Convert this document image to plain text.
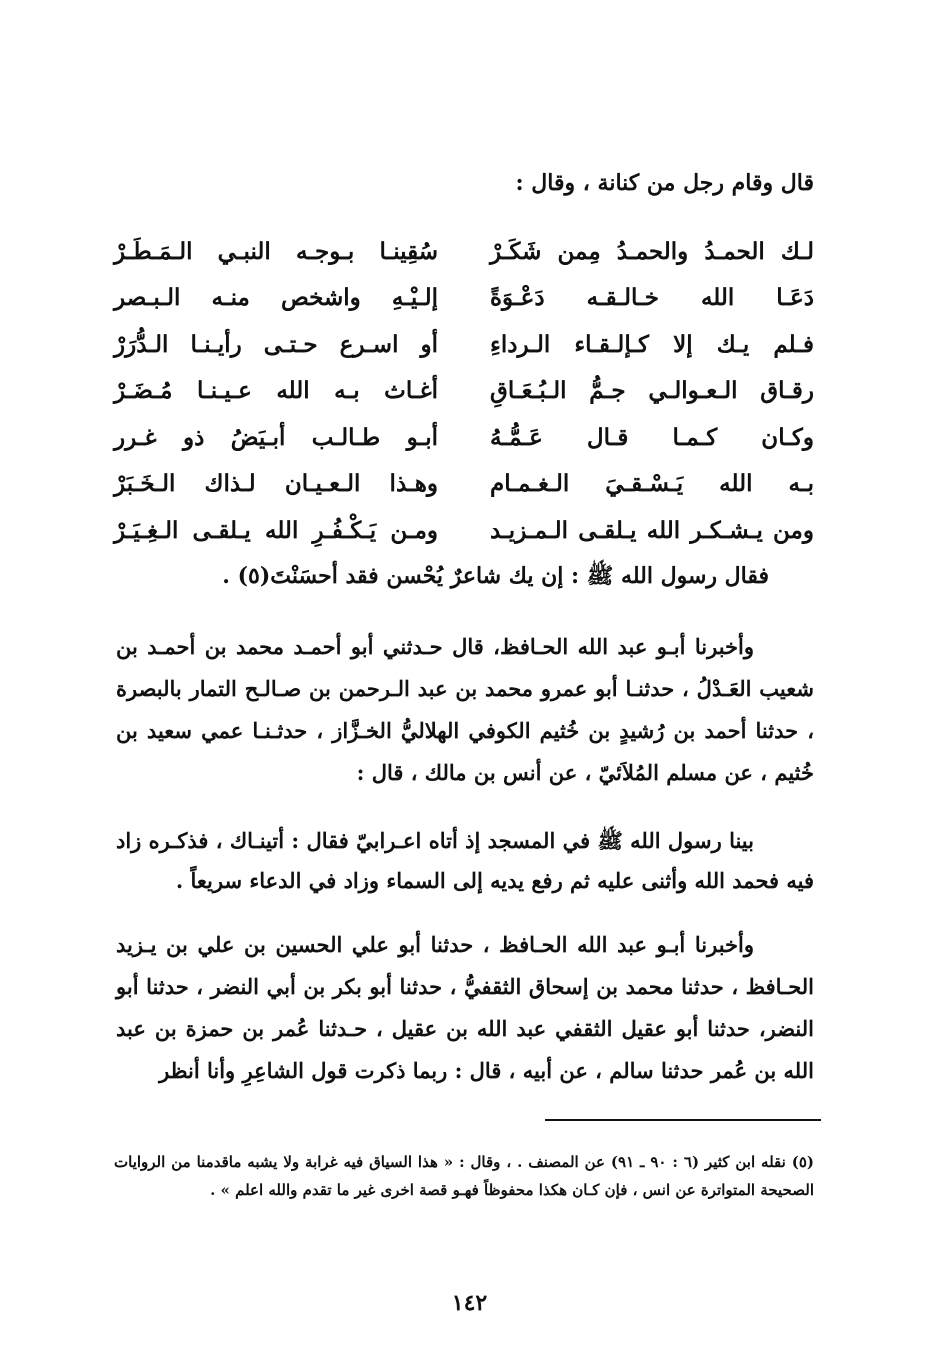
قال وقام رجل من كنانة ، وقال :
لـك الحمـدُ والحمـدُ مِمن شَكَـرْ
سُقِينـا بـوجـه النبـي الـمَـطَـرْ
دَعَـا الله خـالـقـه دَعْـوَةً
إلـيْـهِ واشخص منـه الـبـصر
فـلم يـك إلا كـإلـقـاء الـرداءِ
أو اسـرع حـتـى رأيـنـا الـدُّرَرْ
رقـاق الـعـوالـي جـمُّ الـبُـعَـاقِ
أغـاث بـه الله عـيـنـا مُـضَـرْ
وكـان كـمـا قـال عَـمُّـهُ
أبـو طـالـب أبـيَضُ ذو غـرر
بـه الله يَـسْـقـيَ الـغـمـام
وهـذا الـعـيـان لـذاك الـخَـبَرْ
ومن يـشـكـر الله يـلقـى الـمـزيـد
ومـن يَـكْـفُـرِ الله يـلقـى الـغِـيَـرْ
فقال رسول الله ﷺ : إن يك شاعرٌ يُحْسن فقد أحسَنْتَ(٥) .
وأخبرنا أبـو عبد الله الحـافظ، قال حـدثني أبو أحمـد محمد بن أحمـد بن شعيب العَـدْلُ ، حدثنـا أبو عمرو محمد بن عبد الـرحمن بن صـالـح التمار بالبصرة ، حدثنا أحمد بن رُشيدٍ بن خُثيم الكوفي الهلاليُّ الخـزَّاز ، حدثـنـا عمي سعيد بن خُثيم ، عن مسلم المُلاَئيّ ، عن أنس بن مالك ، قال :
بينا رسول الله ﷺ في المسجد إذ أتاه اعـرابيّ فقال : أتينـاك ، فذكـره زاد فيه فحمد الله وأثنى عليه ثم رفع يديه إلى السماء وزاد في الدعاء سريعاً .
وأخبرنا أبـو عبد الله الحـافظ ، حدثنا أبو علي الحسين بن علي بن يـزيد الحـافظ ، حدثنا محمد بن إسحاق الثقفيُّ ، حدثنا أبو بكر بن أبي النضر ، حدثنا أبو النضر، حدثنا أبو عقيل الثقفي عبد الله بن عقيل ، حـدثنا عُمر بن حمزة بن عبد الله بن عُمر حدثنا سالم ، عن أبيه ، قال : ربما ذكرت قول الشاعِرِ وأنا أنظر
(٥) نقله ابن كثير (٦ : ٩٠ ـ ٩١) عن المصنف . ، وقال : « هذا السياق فيه غرابة ولا يشبه ماقدمنا من الروايات الصحيحة المتواترة عن انس ، فإن كـان هكذا محفوظاً فهـو قصة اخرى غير ما تقدم والله اعلم » .
١٤٢
